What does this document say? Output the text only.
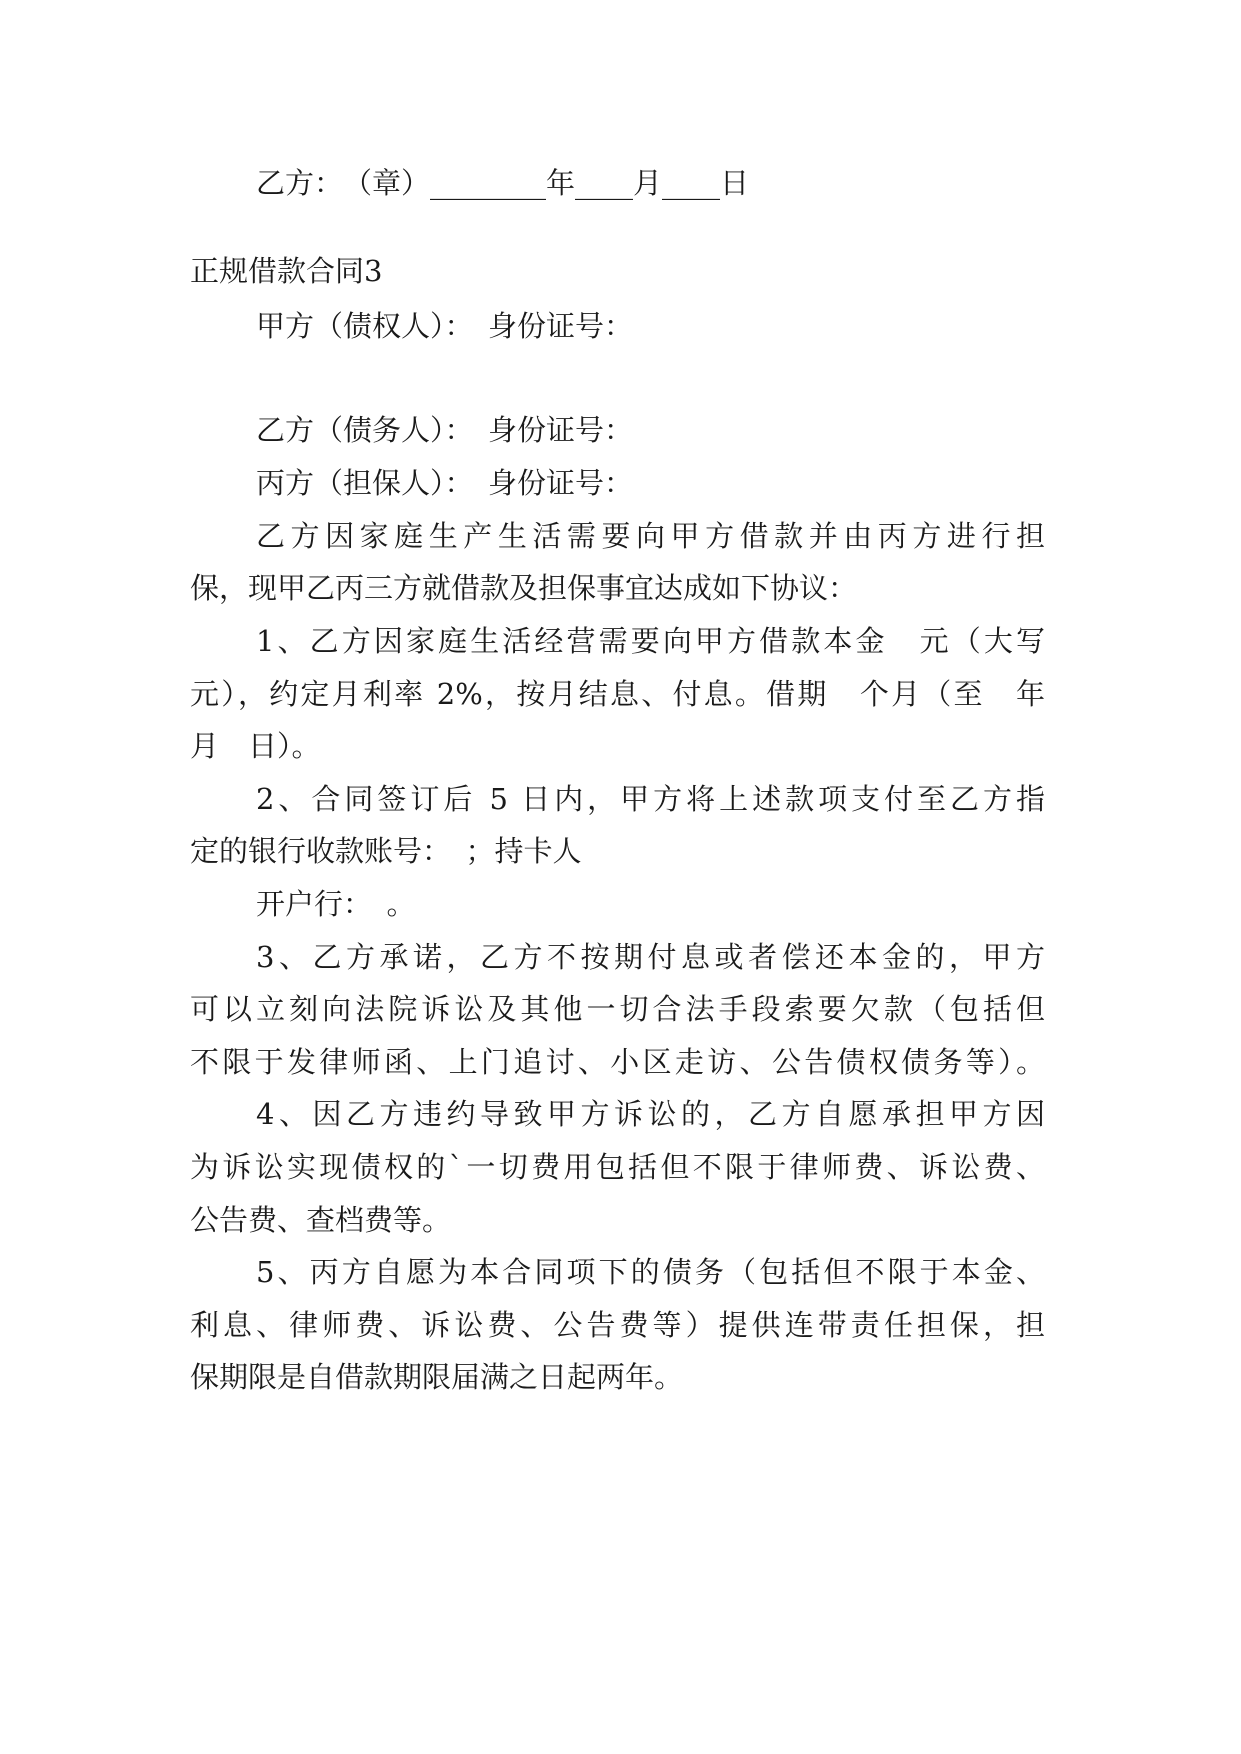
乙方：　（章）________年____月____日
正规借款合同3
甲方（债权人）：　身份证号：
乙方（债务人）：　身份证号：
丙方（担保人）：　身份证号：
乙方因家庭生产生活需要向甲方借款并由丙方进行担
保，现甲乙丙三方就借款及担保事宜达成如下协议：
1、乙方因家庭生活经营需要向甲方借款本金　元（大写
元），约定月利率 2%，按月结息、付息。借期　个月（至　年
月　日）。
2、合同签订后 5 日内，甲方将上述款项支付至乙方指
定的银行收款账号：　；持卡人
开户行：　。
3、乙方承诺，乙方不按期付息或者偿还本金的，甲方
可以立刻向法院诉讼及其他一切合法手段索要欠款（包括但
不限于发律师函、上门追讨、小区走访、公告债权债务等）。
4、因乙方违约导致甲方诉讼的，乙方自愿承担甲方因
为诉讼实现债权的`一切费用包括但不限于律师费、诉讼费、
公告费、查档费等。
5、丙方自愿为本合同项下的债务（包括但不限于本金、
利息、律师费、诉讼费、公告费等）提供连带责任担保，担
保期限是自借款期限届满之日起两年。
